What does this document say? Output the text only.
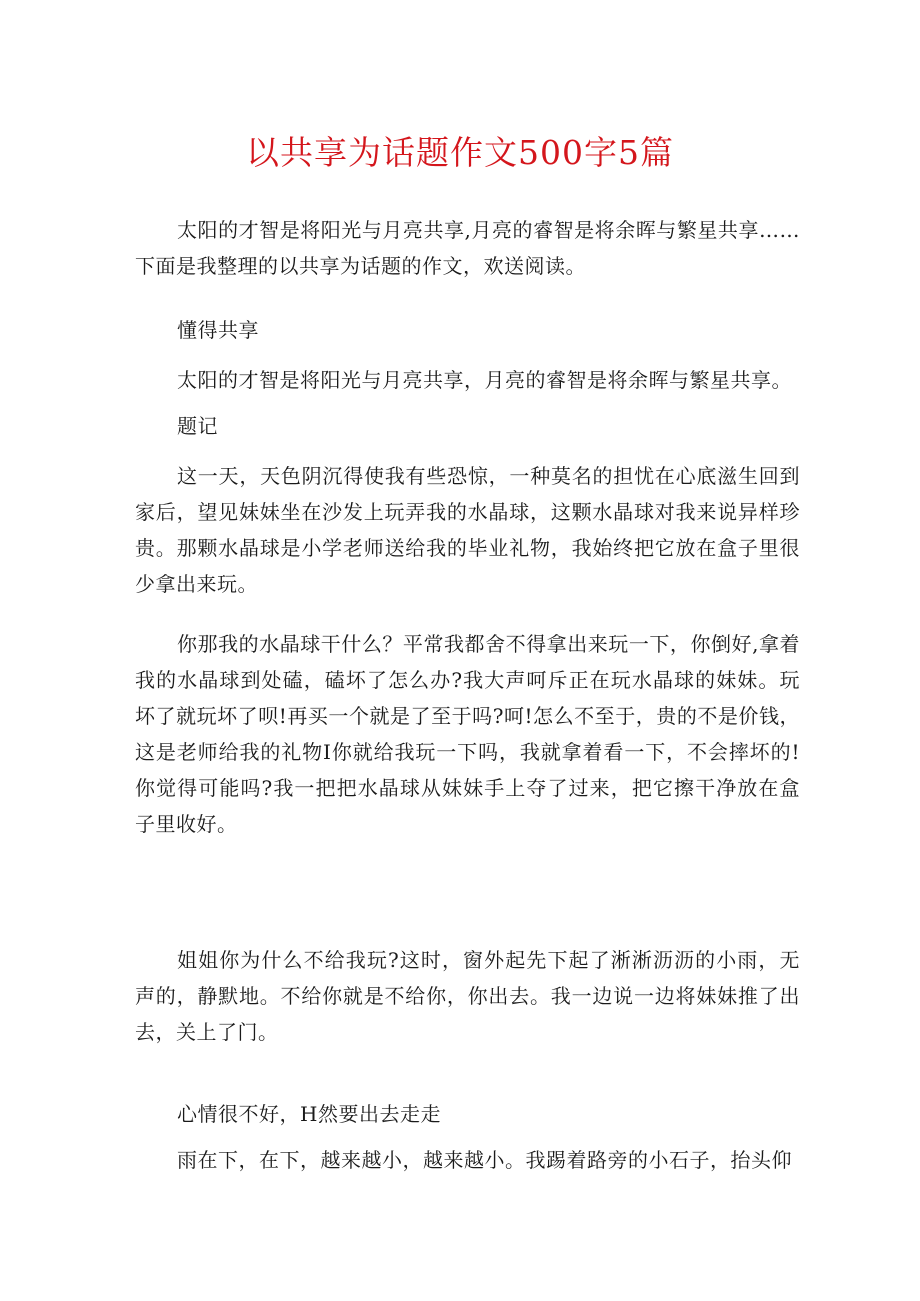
以共享为话题作文500字5篇

太阳的才智是将阳光与月亮共享,月亮的睿智是将余晖与繁星共享……下面是我整理的以共享为话题的作文，欢送阅读。

懂得共享

太阳的才智是将阳光与月亮共享，月亮的睿智是将余晖与繁星共享。

题记

这一天，天色阴沉得使我有些恐惊，一种莫名的担忧在心底滋生回到家后，望见妹妹坐在沙发上玩弄我的水晶球，这颗水晶球对我来说异样珍贵。那颗水晶球是小学老师送给我的毕业礼物，我始终把它放在盒子里很少拿出来玩。

你那我的水晶球干什么？平常我都舍不得拿出来玩一下，你倒好,拿着我的水晶球到处磕，磕坏了怎么办?我大声呵斥正在玩水晶球的妹妹。玩坏了就玩坏了呗!再买一个就是了至于吗?呵!怎么不至于，贵的不是价钱，这是老师给我的礼物I你就给我玩一下吗，我就拿着看一下，不会摔坏的!你觉得可能吗?我一把把水晶球从妹妹手上夺了过来，把它擦干净放在盒子里收好。

姐姐你为什么不给我玩?这时，窗外起先下起了淅淅沥沥的小雨，无声的，静默地。不给你就是不给你，你出去。我一边说一边将妹妹推了出去，关上了门。

心情很不好，H然要出去走走

雨在下，在下，越来越小，越来越小。我踢着路旁的小石子，抬头仰
